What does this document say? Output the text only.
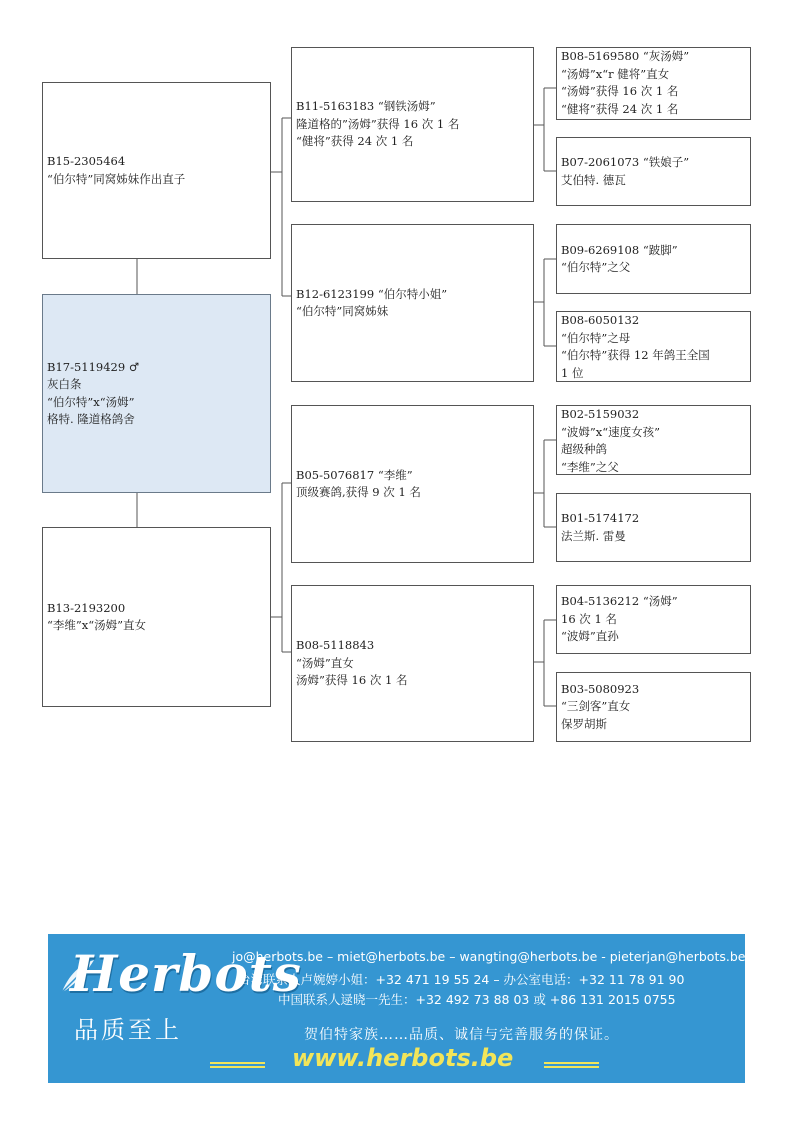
B15-2305464
“伯尔特”同窝姊妹作出直子
B17-5119429 ♂
灰白条
“伯尔特”x“汤姆”
格特. 隆道格鸽舍
B13-2193200
“李维”x“汤姆”直女
B11-5163183 “钢铁汤姆”
隆道格的”汤姆”获得 16 次 1 名
“健将”获得 24 次 1 名
B12-6123199 “伯尔特小姐”
“伯尔特”同窝姊妹
B05-5076817 “李维”
顶级赛鸽,获得 9 次 1 名
B08-5118843
“汤姆”直女
汤姆”获得 16 次 1 名
B08-5169580 “灰汤姆”
“汤姆”x“r 健将”直女
“汤姆”获得 16 次 1 名
“健将”获得 24 次 1 名
B07-2061073 “铁娘子”
艾伯特. 德瓦
B09-6269108 “跛脚”
“伯尔特”之父
B08-6050132
“伯尔特”之母
“伯尔特”获得 12 年鸽王全国
1 位
B02-5159032
“波姆”x“速度女孩”
超级种鸽
“李维”之父
B01-5174172
法兰斯. 雷曼
B04-5136212 “汤姆”
16 次 1 名
“波姆”直孙
B03-5080923
“三剑客”直女
保罗胡斯
Herbots
品质至上
jo@herbots.be – miet@herbots.be – wangting@herbots.be - pieterjan@herbots.be
台湾联系人卢婉婷小姐：+32 471 19 55 24 – 办公室电话：+32 11 78 91 90
中国联系人逯晓一先生：+32 492 73 88 03 或 +86 131 2015 0755
贺伯特家族……品质、诚信与完善服务的保证。
www.herbots.be
